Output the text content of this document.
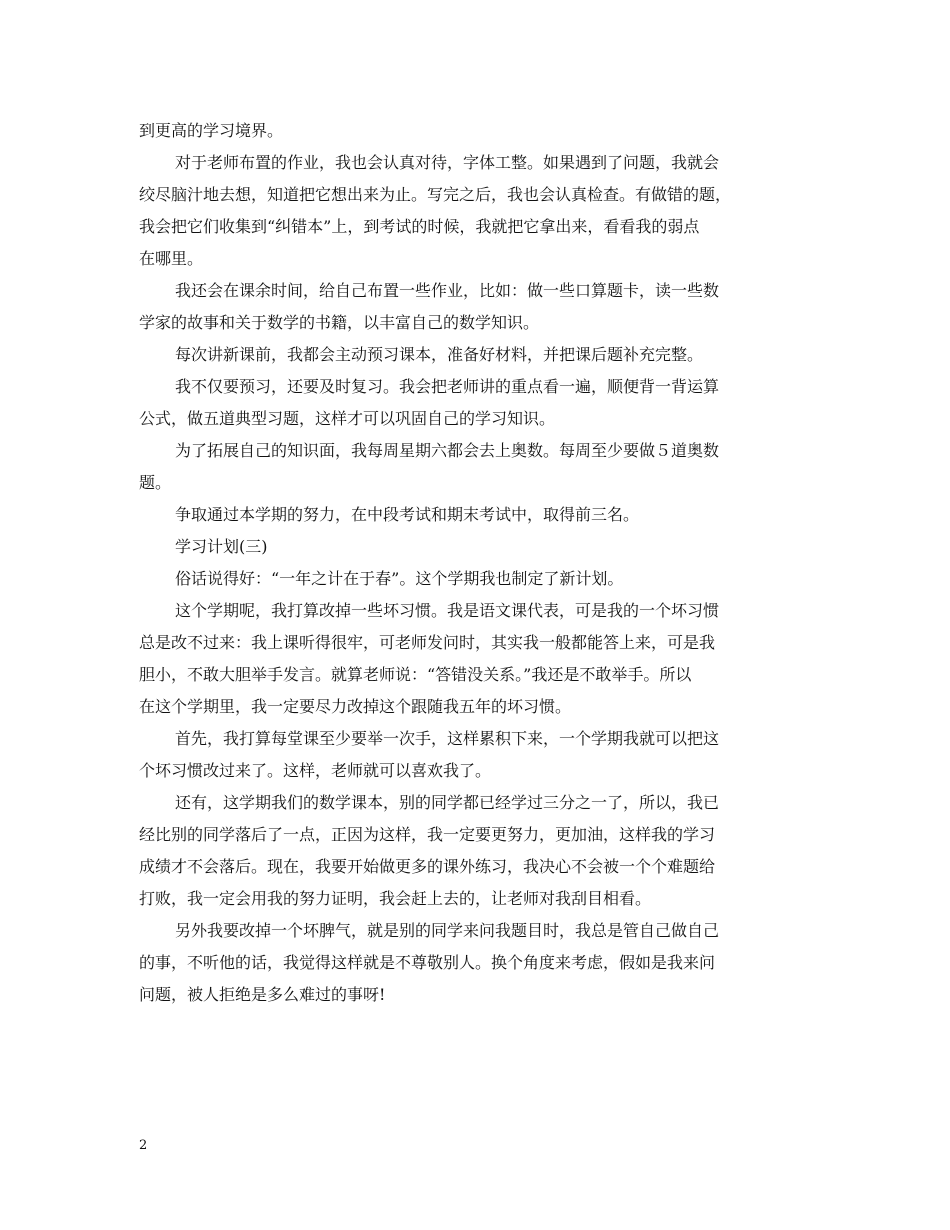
到更高的学习境界。
对于老师布置的作业，我也会认真对待，字体工整。如果遇到了问题，我就会
绞尽脑汁地去想，知道把它想出来为止。写完之后，我也会认真检查。有做错的题，
我会把它们收集到“纠错本”上，到考试的时候，我就把它拿出来，看看我的弱点
在哪里。
我还会在课余时间，给自己布置一些作业，比如：做一些口算题卡，读一些数
学家的故事和关于数学的书籍，以丰富自己的数学知识。
每次讲新课前，我都会主动预习课本，准备好材料，并把课后题补充完整。
我不仅要预习，还要及时复习。我会把老师讲的重点看一遍，顺便背一背运算
公式，做五道典型习题，这样才可以巩固自己的学习知识。
为了拓展自己的知识面，我每周星期六都会去上奥数。每周至少要做５道奥数
题。
争取通过本学期的努力，在中段考试和期末考试中，取得前三名。
学习计划(三)
俗话说得好：“一年之计在于春”。这个学期我也制定了新计划。
这个学期呢，我打算改掉一些坏习惯。我是语文课代表，可是我的一个坏习惯
总是改不过来：我上课听得很牢，可老师发问时，其实我一般都能答上来，可是我
胆小，不敢大胆举手发言。就算老师说：“答错没关系。”我还是不敢举手。所以
在这个学期里，我一定要尽力改掉这个跟随我五年的坏习惯。
首先，我打算每堂课至少要举一次手，这样累积下来，一个学期我就可以把这
个坏习惯改过来了。这样，老师就可以喜欢我了。
还有，这学期我们的数学课本，别的同学都已经学过三分之一了，所以，我已
经比别的同学落后了一点，正因为这样，我一定要更努力，更加油，这样我的学习
成绩才不会落后。现在，我要开始做更多的课外练习，我决心不会被一个个难题给
打败，我一定会用我的努力证明，我会赶上去的，让老师对我刮目相看。
另外我要改掉一个坏脾气，就是别的同学来问我题目时，我总是管自己做自己
的事，不听他的话，我觉得这样就是不尊敬别人。换个角度来考虑，假如是我来问
问题，被人拒绝是多么难过的事呀!
2
